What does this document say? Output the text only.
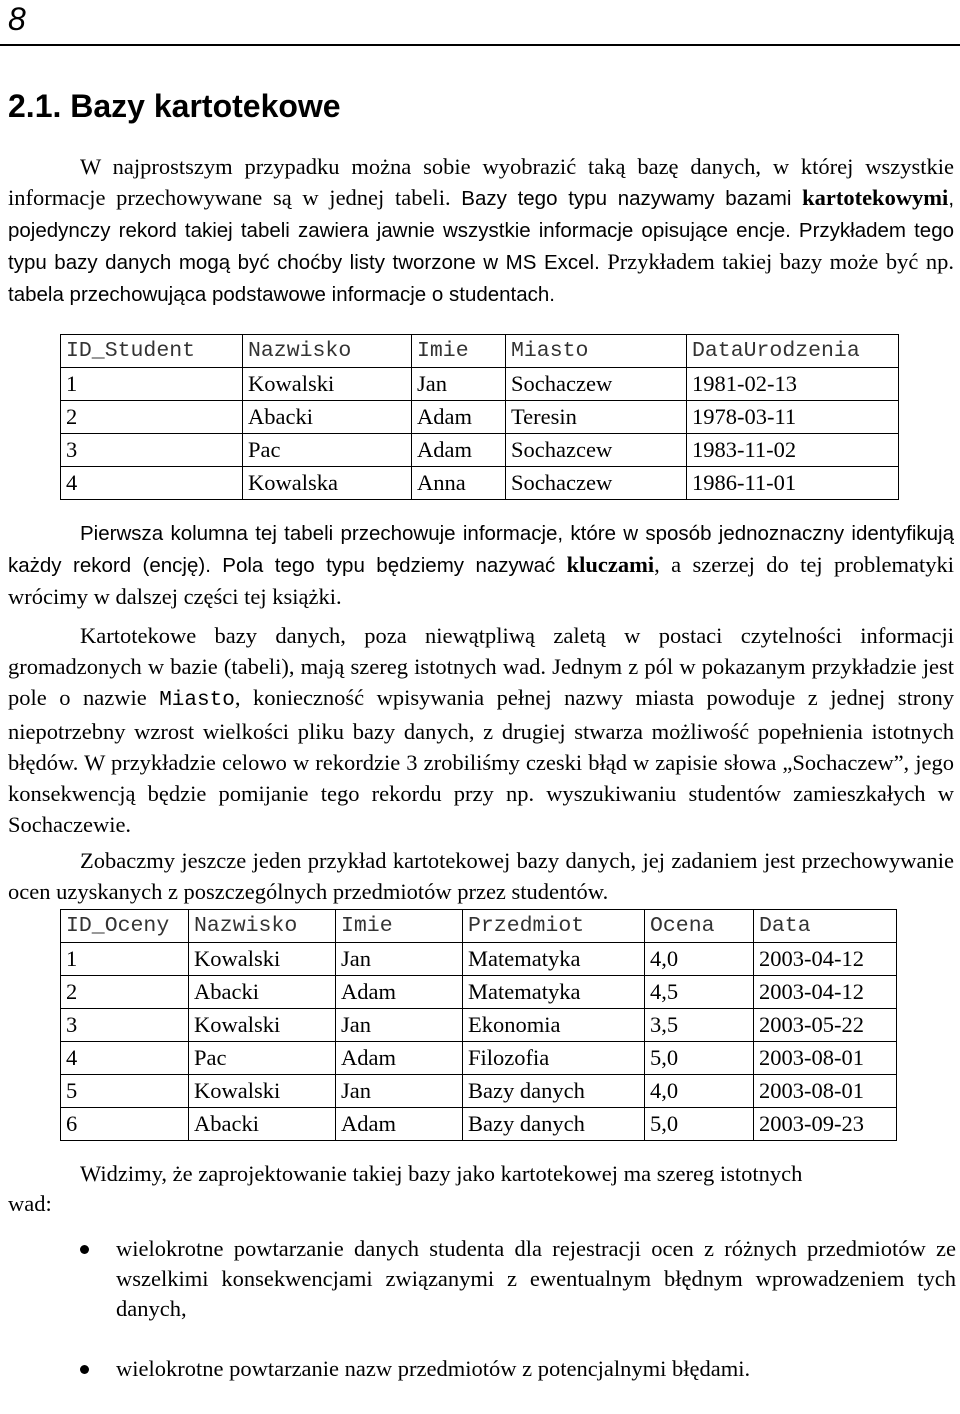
8

2.1. Bazy kartotekowe

W najprostszym przypadku można sobie wyobrazić taką bazę danych, w której wszystkie informacje przechowywane są w jednej tabeli. Bazy tego typu nazywamy bazami kartotekowymi, pojedynczy rekord takiej tabeli zawiera jawnie wszystkie informacje opisujące encje. Przykładem tego typu bazy danych mogą być choćby listy tworzone w MS Excel. Przykładem takiej bazy może być np. tabela przechowująca podstawowe informacje o studentach.

ID_Student	Nazwisko	Imie	Miasto	DataUrodzenia
1	Kowalski	Jan	Sochaczew	1981-02-13
2	Abacki	Adam	Teresin	1978-03-11
3	Pac	Adam	Sochazcew	1983-11-02
4	Kowalska	Anna	Sochaczew	1986-11-01

Pierwsza kolumna tej tabeli przechowuje informacje, które w sposób jednoznaczny identyfikują każdy rekord (encję). Pola tego typu będziemy nazywać kluczami, a szerzej do tej problematyki wrócimy w dalszej części tej książki.

Kartotekowe bazy danych, poza niewątpliwą zaletą w postaci czytelności informacji gromadzonych w bazie (tabeli), mają szereg istotnych wad. Jednym z pól w pokazanym przykładzie jest pole o nazwie Miasto, konieczność wpisywania pełnej nazwy miasta powoduje z jednej strony niepotrzebny wzrost wielkości pliku bazy danych, z drugiej stwarza możliwość popełnienia istotnych błędów. W przykładzie celowo w rekordzie 3 zrobiliśmy czeski błąd w zapisie słowa „Sochaczew”, jego konsekwencją będzie pomijanie tego rekordu przy np. wyszukiwaniu studentów zamieszkałych w Sochaczewie.

Zobaczmy jeszcze jeden przykład kartotekowej bazy danych, jej zadaniem jest przechowywanie ocen uzyskanych z poszczególnych przedmiotów przez studentów.

ID_Oceny	Nazwisko	Imie	Przedmiot	Ocena	Data
1	Kowalski	Jan	Matematyka	4,0	2003-04-12
2	Abacki	Adam	Matematyka	4,5	2003-04-12
3	Kowalski	Jan	Ekonomia	3,5	2003-05-22
4	Pac	Adam	Filozofia	5,0	2003-08-01
5	Kowalski	Jan	Bazy danych	4,0	2003-08-01
6	Abacki	Adam	Bazy danych	5,0	2003-09-23

Widzimy, że zaprojektowanie takiej bazy jako kartotekowej ma szereg istotnych

wad:

wielokrotne powtarzanie danych studenta dla rejestracji ocen z różnych przedmiotów ze wszelkimi konsekwencjami związanymi z ewentualnym błędnym wprowadzeniem tych danych,
wielokrotne powtarzanie nazw przedmiotów z potencjalnymi błędami.
